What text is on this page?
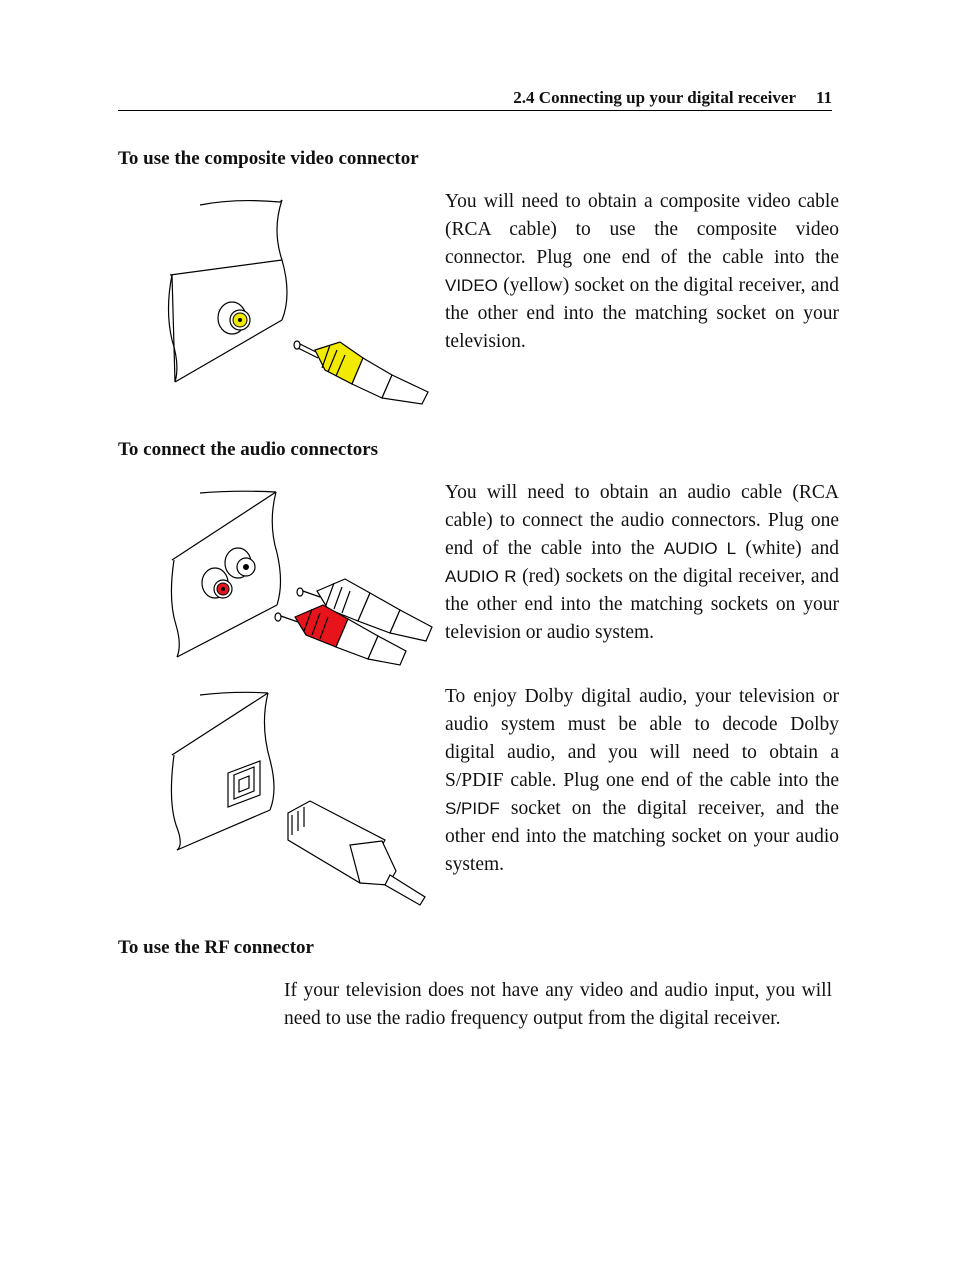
2.4 Connecting up your digital receiver 11
To use the composite video connector

You will need to obtain a composite video cable (RCA cable) to use the composite video connector. Plug one end of the cable into the VIDEO (yellow) socket on the digital receiver, and the other end into the matching socket on your television.

To connect the audio connectors

You will need to obtain an audio cable (RCA cable) to connect the audio connectors. Plug one end of the cable into the AUDIO L (white) and AUDIO R (red) sockets on the digital receiver, and the other end into the matching sockets on your television or audio system.

To enjoy Dolby digital audio, your television or audio system must be able to decode Dolby digital audio, and you will need to obtain a S/PDIF cable. Plug one end of the cable into the S/PIDF socket on the digital receiver, and the other end into the matching socket on your audio system.

To use the RF connector

If your television does not have any video and audio input, you will need to use the radio frequency output from the digital receiver.
